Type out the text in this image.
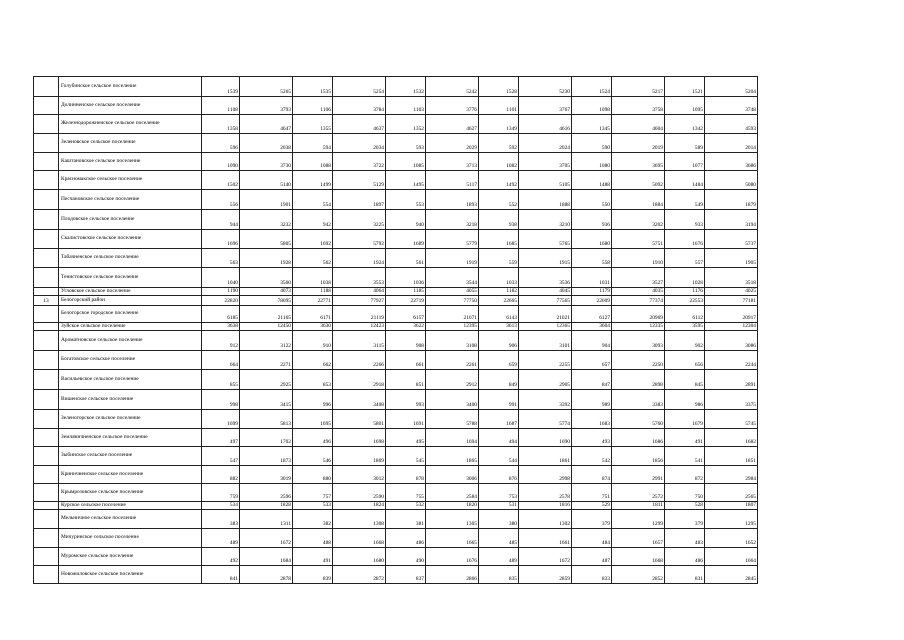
	Голубинское сельское поселение	1539	5265	1535	5254	1532	5242	1528	5230	1524	5217	1521	5204
	Долинненское сельское поселение	1108	3793	1106	3784	1103	3776	1101	3767	1098	3758	1095	3748
	Железнодорожненское сельское поселение	1358	4647	1355	4637	1352	4627	1349	4616	1345	4604	1342	4593
	Зеленовское сельское поселение	596	2038	594	2034	593	2029	592	2024	590	2019	589	2014
	Каштановское сельское поселение	1090	3730	1088	3722	1085	3713	1082	3705	1080	3695	1077	3686
	Красномакское сельское поселение	1502	5140	1499	5129	1495	5117	1492	5105	1488	5092	1484	5080
	Песчановское сельское поселение	556	1901	554	1897	553	1893	552	1888	550	1884	549	1879
	Плодовское сельское поселение	944	3232	942	3225	940	3218	938	3210	936	3202	933	3194
	Скалистовское сельское поселение	1696	5805	1692	5792	1689	5779	1685	5765	1680	5751	1676	5737
	Табачненское сельское поселение	563	1928	562	1924	561	1919	559	1915	558	1910	557	1905
	Тенистовское сельское поселение	1040	3560	1038	3553	1036	3544	1033	3536	1031	3527	1028	3518
	Угловское сельское поселение	1190	4073	1188	4064	1185	4055	1182	4045	1179	4035	1176	4025
13	Белогорский район	22820	78095	22771	77927	22719	77750	22665	77565	22609	77374	22553	77181
	Белогорское городское поселение	6185	21165	6171	21119	6157	21071	6143	21021	6127	20969	6112	20917
	Зуйское сельское поселение	3638	12450	3630	12423	3622	12395	3613	12365	3604	12335	3595	12304
	Ароматновское сельское поселение	912	3122	910	3115	908	3108	906	3101	904	3093	902	3086
	Богатовское сельское поселение	664	2271	662	2266	661	2261	659	2255	657	2250	656	2244
	Васильевское сельское поселение	855	2925	853	2918	851	2912	849	2905	847	2898	845	2891
	Вишенское сельское поселение	998	3415	996	3408	993	3400	991	3392	989	3383	986	3375
	Зеленогорское сельское поселение	1699	5813	1695	5801	1691	5788	1687	5774	1683	5760	1679	5745
	Земляничненское сельское поселение	497	1702	496	1698	495	1694	494	1690	493	1686	491	1682
	Зыбинское сельское поселение	547	1873	546	1869	545	1865	544	1861	542	1856	541	1851
	Криничненское сельское поселение	882	3019	880	3012	878	3006	876	2998	874	2991	872	2984
	Крымрозовское сельское поселение	759	2596	757	2590	755	2584	753	2578	751	2572	750	2565
	Курское сельское поселение	534	1828	533	1824	532	1820	531	1816	529	1811	528	1807
	Мельничное сельское поселение	383	1311	382	1308	381	1305	380	1302	379	1299	379	1295
	Мичуринское сельское поселение	489	1672	488	1668	486	1665	485	1661	484	1657	483	1652
	Муромское сельское поселение	492	1684	491	1680	490	1676	489	1672	487	1668	486	1664
	Новожиловское сельское поселение	841	2878	839	2872	837	2866	835	2859	833	2852	831	2845
